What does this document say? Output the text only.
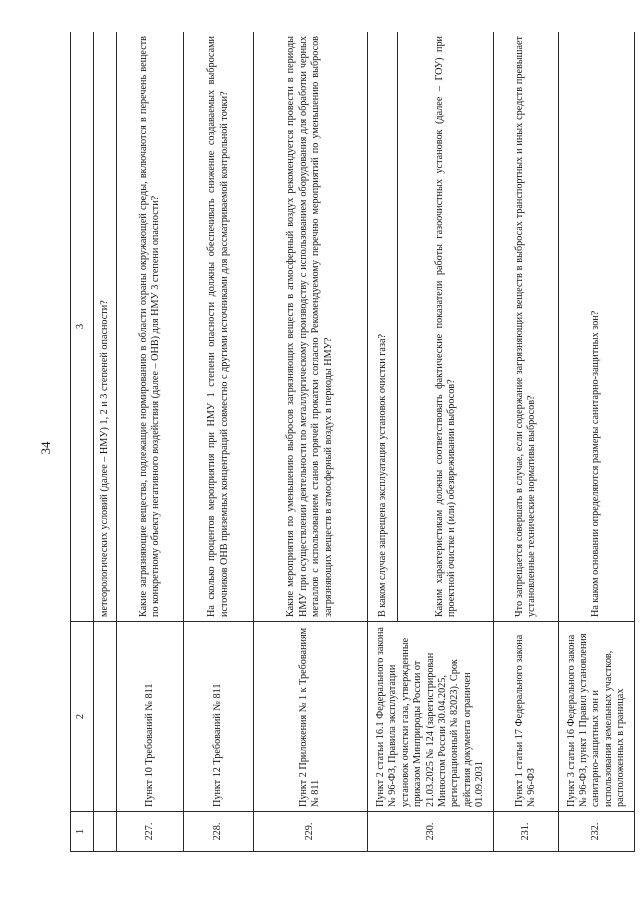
34
1	2	3
		метеорологических условий (далее – НМУ) 1, 2 и 3 степеней опасности?
227.	Пункт 10 Требований № 811	Какие загрязняющие вещества, подлежащие нормированию в области охраны окружающей среды, включаются в перечень веществ по конкретному объекту негативного воздействия (далее – ОНВ) для НМУ 3 степени опасности?
228.	Пункт 12 Требований № 811	На сколько процентов мероприятия при НМУ 1 степени опасности должны обеспечивать снижение создаваемых выбросами источников ОНВ приземных концентраций совместно с другими источниками для рассматриваемой контрольной точки?
229.	Пункт 2 Приложения № 1 к Требованиям № 811	Какие мероприятия по уменьшению выбросов загрязняющих веществ в атмосферный воздух рекомендуется провести в периоды НМУ при осуществлении деятельности по металлургическому производству с использованием оборудования для обработки черных металлов с использованием станов горячей прокатки согласно Рекомендуемому перечню мероприятий по уменьшению выбросов загрязняющих веществ в атмосферный воздух в периоды НМУ?
230.	Пункт 2 статьи 16.1 Федерального закона № 96-ФЗ, Правила эксплуатации установок очистки газа, утвержденные приказом Минприроды России от 21.03.2025 № 124 (зарегистрирован Минюстом России 30.04.2025, регистрационный № 82023). Срок действия документа ограничен 01.09.2031	В каком случае запрещена эксплуатация установок очистки газа?
		Каким характеристикам должны соответствовать фактические показатели работы газоочистных установок (далее – ГОУ) при проектной очистке и (или) обезвреживании выбросов?
231.	Пункт 1 статьи 17 Федерального закона № 96-ФЗ	Что запрещается совершать в случае, если содержание загрязняющих веществ в выбросах транспортных и иных средств превышает установленные технические нормативы выбросов?
232.	Пункт 3 статьи 16 Федерального закона № 96-ФЗ, пункт 1 Правил установления санитарно-защитных зон и использования земельных участков, расположенных в границах	На каком основании определяются размеры санитарно-защитных зон?
